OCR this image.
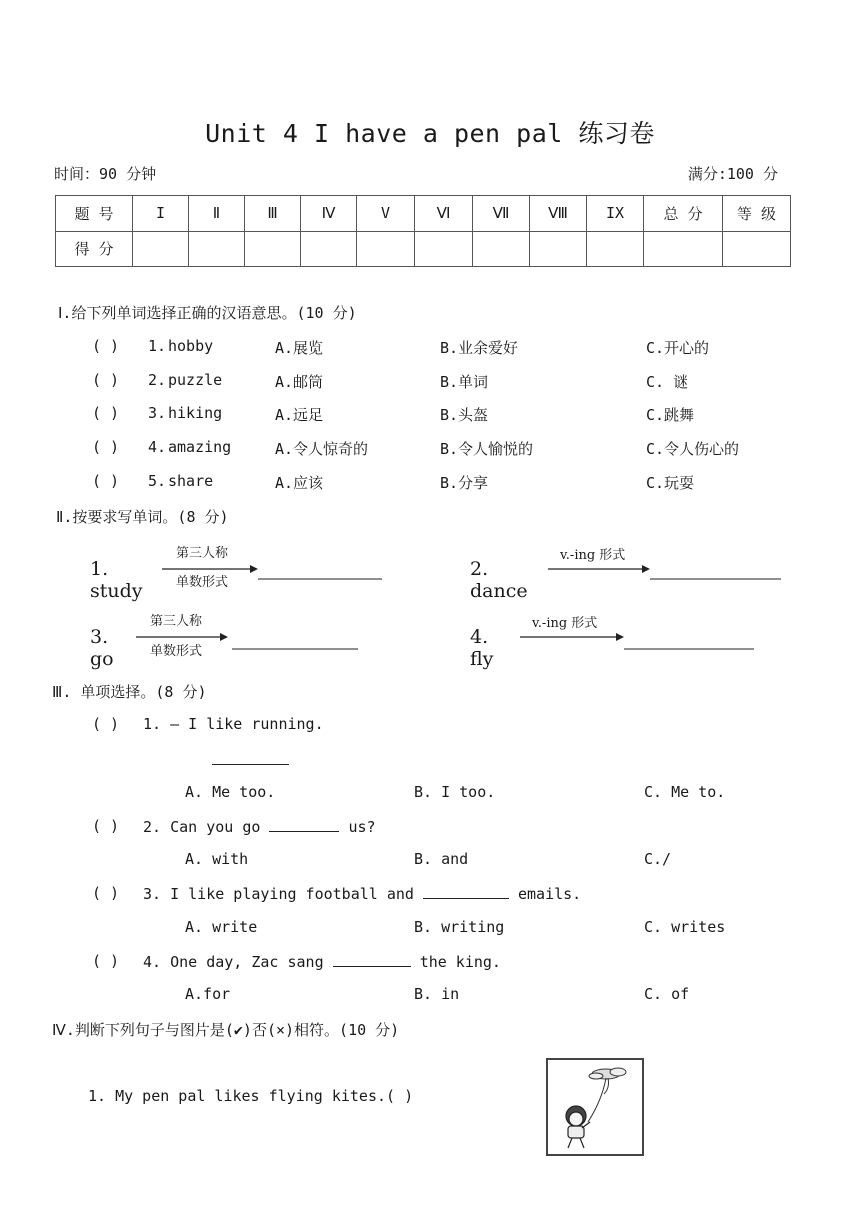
Unit 4 I have a pen pal 练习卷
时间：90 分钟	满分:100 分
题 号	I	Ⅱ	Ⅲ	Ⅳ	V	Ⅵ	Ⅶ	Ⅷ	IX	总 分	等 级
得 分											
Ⅰ.给下列单词选择正确的汉语意思。(10 分)
( ) 1. hobby	A.展览	B.业余爱好	C.开心的
( ) 2. puzzle	A.邮筒	B.单词	C. 谜
( ) 3. hiking	A.远足	B.头盔	C.跳舞
( ) 4. amazing	A.令人惊奇的	B.令人愉悦的	C.令人伤心的
( ) 5. share	A.应该	B.分享	C.玩耍
Ⅱ.按要求写单词。(8 分)
1. study
第三人称
单数形式
2. dance
v.-ing 形式
3. go
第三人称
单数形式
4. fly
v.-ing 形式
Ⅲ. 单项选择。(8 分)
( ) 1. — I like running.
A. Me too.	B. I too.	C. Me to.
( ) 2. Can you go	us?
A. with	B. and	C./
( ) 3. I like playing football and	emails.
A. write	B. writing	C. writes
( ) 4. One day, Zac sang	the king.
A.for	B. in	C. of
Ⅳ.判断下列句子与图片是(✔)否(×)相符。(10 分)
1. My pen pal likes flying kites.( )
